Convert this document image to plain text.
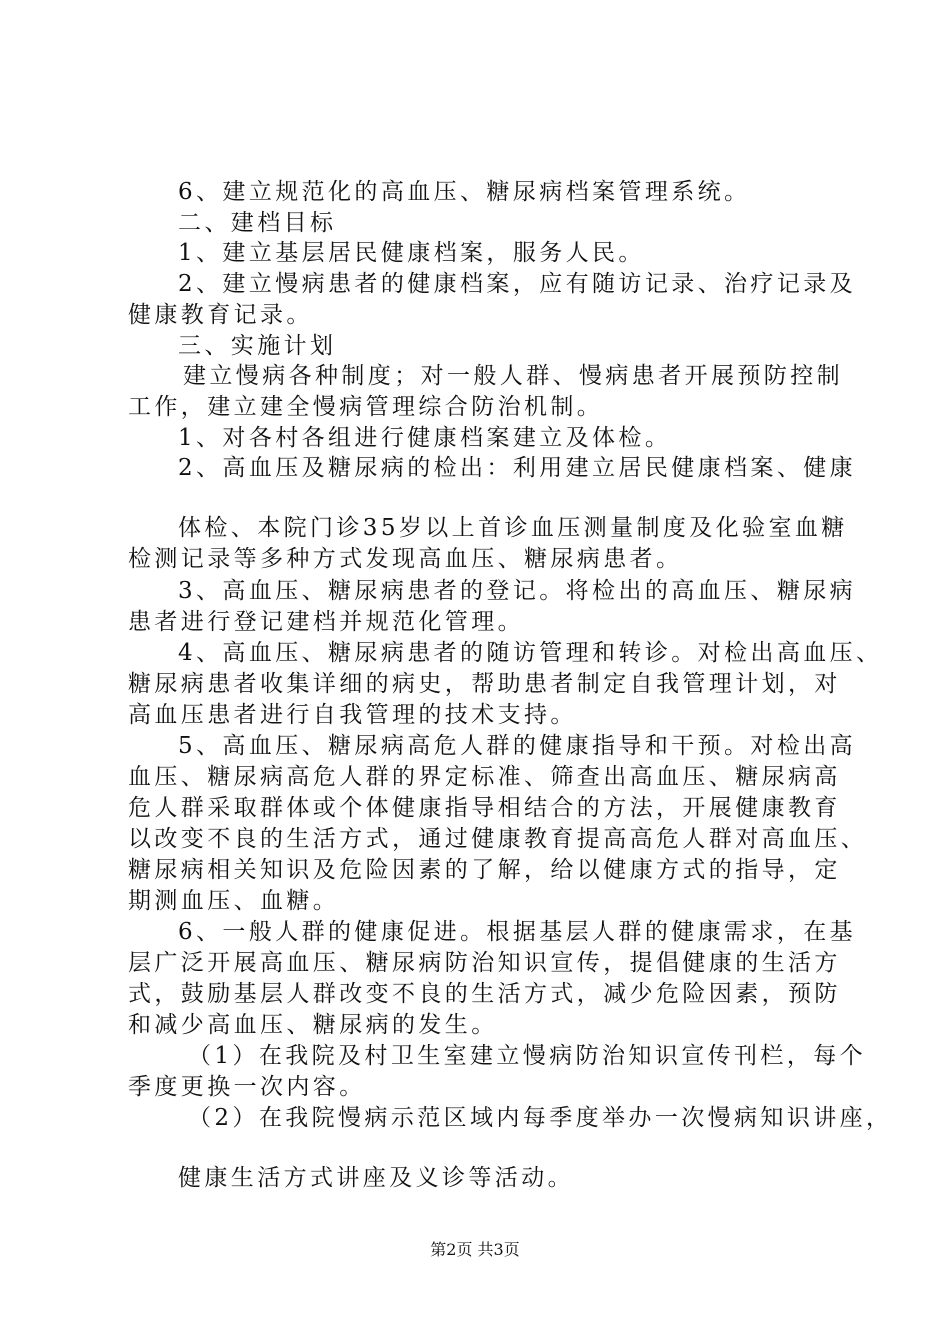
6、建立规范化的高血压、糖尿病档案管理系统。
二、建档目标
1、建立基层居民健康档案，服务人民。
2、建立慢病患者的健康档案，应有随访记录、治疗记录及
健康教育记录。
三、实施计划
建立慢病各种制度；对一般人群、慢病患者开展预防控制
工作，建立建全慢病管理综合防治机制。
1、对各村各组进行健康档案建立及体检。
2、高血压及糖尿病的检出：利用建立居民健康档案、健康
体检、本院门诊35岁以上首诊血压测量制度及化验室血糖
检测记录等多种方式发现高血压、糖尿病患者。
3、高血压、糖尿病患者的登记。将检出的高血压、糖尿病
患者进行登记建档并规范化管理。
4、高血压、糖尿病患者的随访管理和转诊。对检出高血压、
糖尿病患者收集详细的病史，帮助患者制定自我管理计划，对
高血压患者进行自我管理的技术支持。
5、高血压、糖尿病高危人群的健康指导和干预。对检出高
血压、糖尿病高危人群的界定标准、筛查出高血压、糖尿病高
危人群采取群体或个体健康指导相结合的方法，开展健康教育
以改变不良的生活方式，通过健康教育提高高危人群对高血压、
糖尿病相关知识及危险因素的了解，给以健康方式的指导，定
期测血压、血糖。
6、一般人群的健康促进。根据基层人群的健康需求，在基
层广泛开展高血压、糖尿病防治知识宣传，提倡健康的生活方
式，鼓励基层人群改变不良的生活方式，减少危险因素，预防
和减少高血压、糖尿病的发生。
（1）在我院及村卫生室建立慢病防治知识宣传刊栏，每个
季度更换一次内容。
（2）在我院慢病示范区域内每季度举办一次慢病知识讲座，
健康生活方式讲座及义诊等活动。
第2页 共3页
